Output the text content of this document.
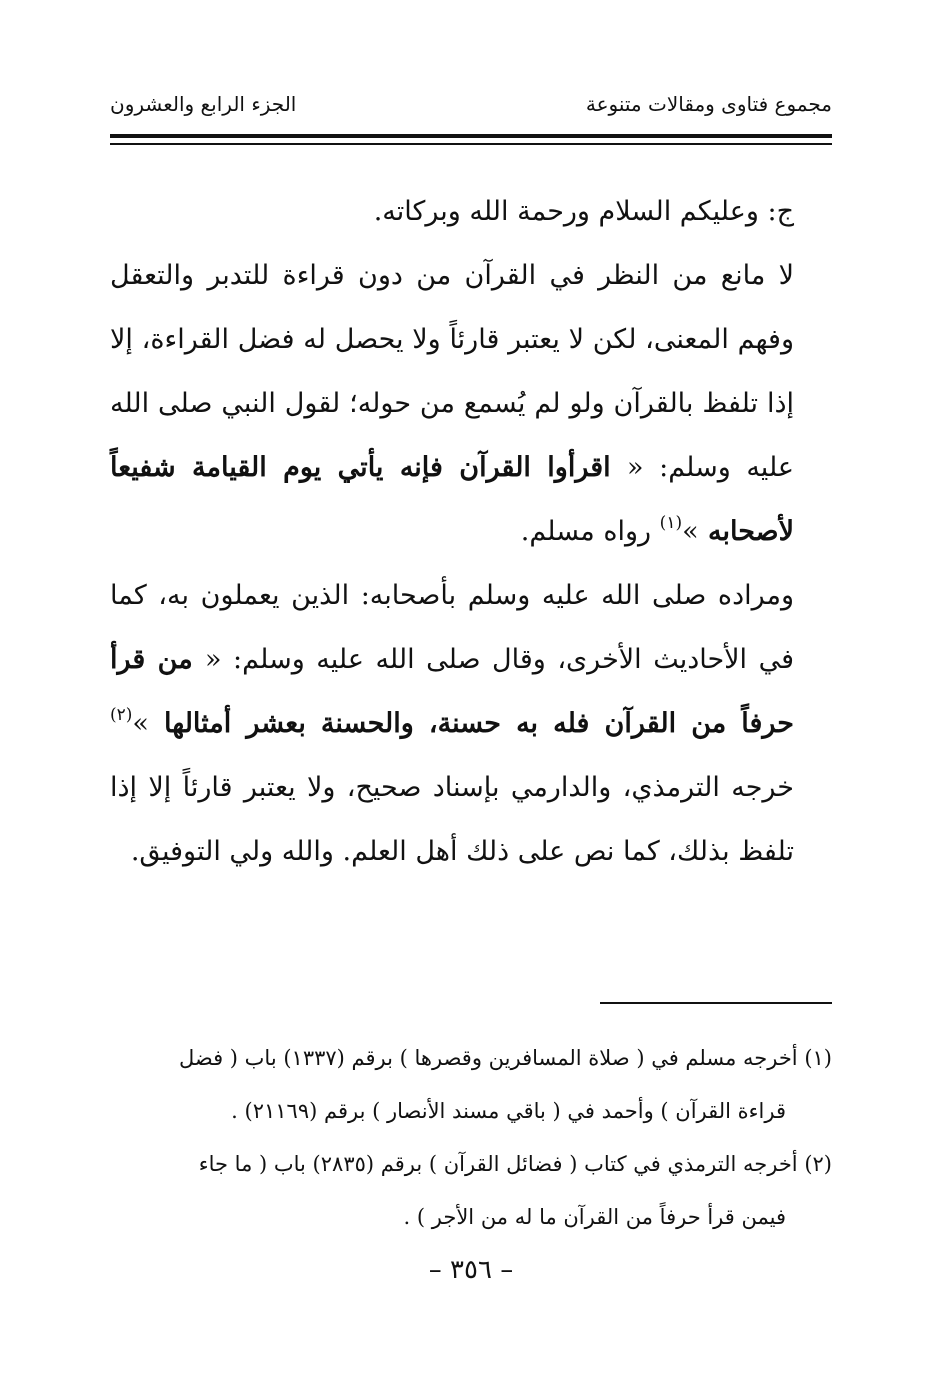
مجموع فتاوى ومقالات متنوعة
الجزء الرابع والعشرون

ج: وعليكم السلام ورحمة الله وبركاته.

لا مانع من النظر في القرآن من دون قراءة للتدبر والتعقل وفهم المعنى، لكن لا يعتبر قارئاً ولا يحصل له فضل القراءة، إلا إذا تلفظ بالقرآن ولو لم يُسمع من حوله؛ لقول النبي صلى الله عليه وسلم: « اقرأوا القرآن فإنه يأتي يوم القيامة شفيعاً لأصحابه »$^{(١)}$ رواه مسلم.

ومراده صلى الله عليه وسلم بأصحابه: الذين يعملون به، كما في الأحاديث الأخرى، وقال صلى الله عليه وسلم: « من قرأ حرفاً من القرآن فله به حسنة، والحسنة بعشر أمثالها »$^{(٢)}$ خرجه الترمذي، والدارمي بإسناد صحيح، ولا يعتبر قارئاً إلا إذا تلفظ بذلك، كما نص على ذلك أهل العلم. والله ولي التوفيق.

(١) أخرجه مسلم في ( صلاة المسافرين وقصرها ) برقم (١٣٣٧) باب ( فضل

قراءة القرآن ) وأحمد في ( باقي مسند الأنصار ) برقم (٢١١٦٩) .

(٢) أخرجه الترمذي في كتاب ( فضائل القرآن ) برقم (٢٨٣٥) باب ( ما جاء

فيمن قرأ حرفاً من القرآن ما له من الأجر ) .

– ٣٥٦ –
